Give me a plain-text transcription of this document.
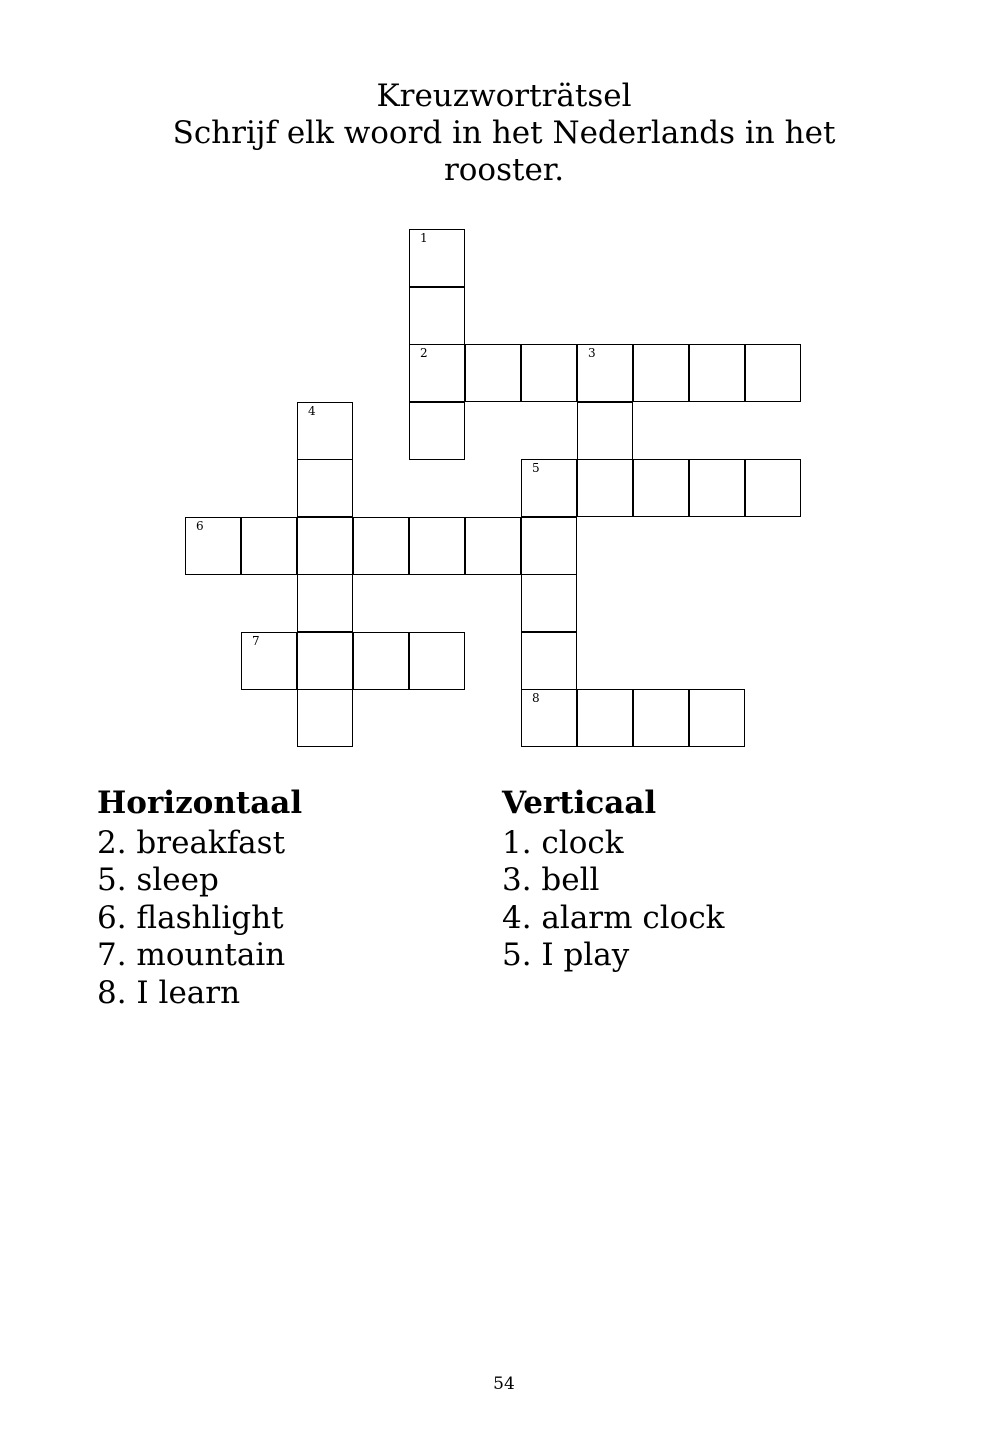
Kreuzworträtsel
Schrijf elk woord in het Nederlands in het rooster.
1
2	3
4
5
6
7
8
Horizontaal
2. breakfast
5. sleep
6. flashlight
7. mountain
8. I learn
Verticaal
1. clock
3. bell
4. alarm clock
5. I play
54
